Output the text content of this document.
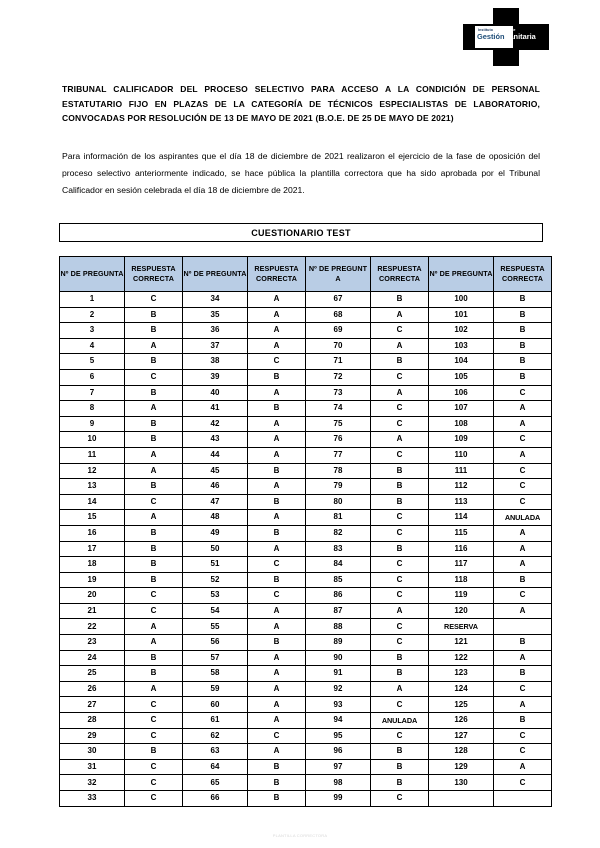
Instituto Nacional de
GestiónSanitaria
TRIBUNAL CALIFICADOR DEL PROCESO SELECTIVO PARA ACCESO A LA CONDICIÓN DE PERSONAL ESTATUTARIO FIJO EN PLAZAS DE LA CATEGORÍA DE TÉCNICOS ESPECIALISTAS DE LABORATORIO, CONVOCADAS POR RESOLUCIÓN DE 13 DE MAYO DE 2021 (B.O.E. DE 25 DE MAYO DE 2021)
Para información de los aspirantes que el día 18 de diciembre de 2021 realizaron el ejercicio de la fase de oposición del proceso selectivo anteriormente indicado, se hace pública la plantilla correctora que ha sido aprobada por el Tribunal Calificador en sesión celebrada el día 18 de diciembre de 2021.
CUESTIONARIO TEST
Nº DE PREGUNTA	RESPUESTA CORRECTA	Nº DE PREGUNTA	RESPUESTA CORRECTA	Nº DE PREGUNT A	RESPUESTA CORRECTA	Nº DE PREGUNTA	RESPUESTA CORRECTA
1	C	34	A	67	B	100	B
2	B	35	A	68	A	101	B
3	B	36	A	69	C	102	B
4	A	37	A	70	A	103	B
5	B	38	C	71	B	104	B
6	C	39	B	72	C	105	B
7	B	40	A	73	A	106	C
8	A	41	B	74	C	107	A
9	B	42	A	75	C	108	A
10	B	43	A	76	A	109	C
11	A	44	A	77	C	110	A
12	A	45	B	78	B	111	C
13	B	46	A	79	B	112	C
14	C	47	B	80	B	113	C
15	A	48	A	81	C	114	ANULADA
16	B	49	B	82	C	115	A
17	B	50	A	83	B	116	A
18	B	51	C	84	C	117	A
19	B	52	B	85	C	118	B
20	C	53	C	86	C	119	C
21	C	54	A	87	A	120	A
22	A	55	A	88	C	RESERVA	
23	A	56	B	89	C	121	B
24	B	57	A	90	B	122	A
25	B	58	A	91	B	123	B
26	A	59	A	92	A	124	C
27	C	60	A	93	C	125	A
28	C	61	A	94	ANULADA	126	B
29	C	62	C	95	C	127	C
30	B	63	A	96	B	128	C
31	C	64	B	97	B	129	A
32	C	65	B	98	B	130	C
33	C	66	B	99	C		
PLANTILLA CORRECTORA
